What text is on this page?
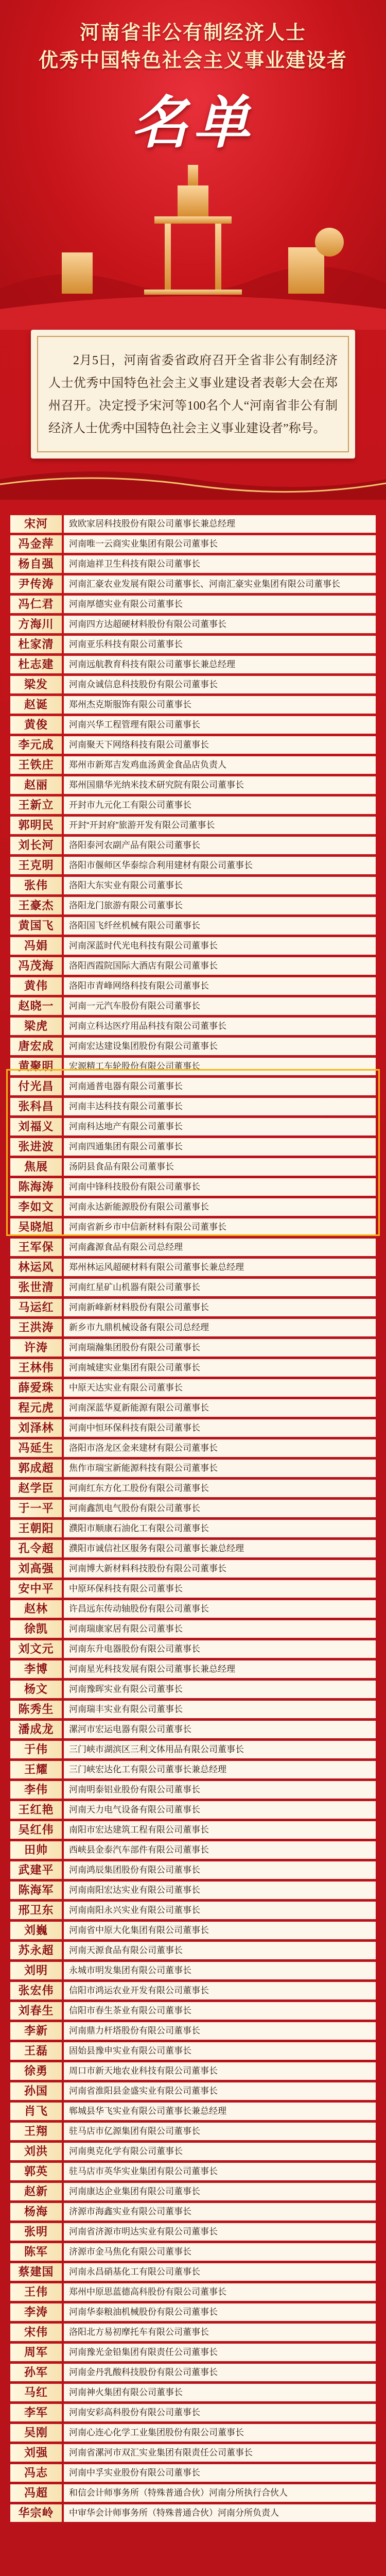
河南省非公有制经济人士
优秀中国特色社会主义事业建设者
名单
2月5日，河南省委省政府召开全省非公有制经济人士优秀中国特色社会主义事业建设者表彰大会在郑州召开。决定授予宋河等100名个人“河南省非公有制经济人士优秀中国特色社会主义事业建设者”称号。
宋河	致欧家居科技股份有限公司董事长兼总经理
冯金萍	河南唯一云商实业集团有限公司董事长
杨自强	河南迪祥卫生科技有限公司董事长
尹传涛	河南汇豪农业发展有限公司董事长、河南汇豪实业集团有限公司董事长
冯仁君	河南厚德实业有限公司董事长
方海川	河南四方达超硬材料股份有限公司董事长
杜家清	河南亚乐科技有限公司董事长
杜志建	河南远航教育科技有限公司董事长兼总经理
梁发	河南众诚信息科技股份有限公司董事长
赵诞	郑州杰克斯服饰有限公司董事长
黄俊	河南兴华工程管理有限公司董事长
李元成	河南聚天下网络科技有限公司董事长
王铁庄	郑州市新郑吉发鸡血汤黄金食品店负责人
赵丽	郑州国鼎华光纳米技术研究院有限公司董事长
王新立	开封市九元化工有限公司董事长
郭明民	开封“开封府”旅游开发有限公司董事长
刘长河	洛阳泰河农副产品有限公司董事长
王克明	洛阳市偃师区华泰综合利用建材有限公司董事长
张伟	洛阳大东实业有限公司董事长
王豪杰	洛阳龙门旅游有限公司董事长
黄国飞	洛阳国飞纤丝机械有限公司董事长
冯娟	河南深蓝时代光电科技有限公司董事长
冯茂海	洛阳西霞院国际大酒店有限公司董事长
黄伟	洛阳市青峰网络科技有限公司董事长
赵晓一	河南一元汽车股份有限公司董事长
梁虎	河南立科达医疗用品科技有限公司董事长
唐宏成	河南宏达建设集团股份有限公司董事长
黄聚明	宏源精工车轮股份有限公司董事长
付光昌	河南通普电器有限公司董事长
张科昌	河南丰达科技有限公司董事长
刘福义	河南科达地产有限公司董事长
张进波	河南四通集团有限公司董事长
焦展	汤阴县食品有限公司董事长
陈海涛	河南中锋科技股份有限公司董事长
李如文	河南永达新能源股份有限公司董事长
吴晓旭	河南省新乡市中信新材料有限公司董事长
王军保	河南鑫源食品有限公司总经理
林运风	郑州林运风超硬材料有限公司董事长兼总经理
张世清	河南红星矿山机器有限公司董事长
马运红	河南新峰新材料股份有限公司董事长
王洪涛	新乡市九鼎机械设备有限公司总经理
许涛	河南瑞瀚集团股份有限公司董事长
王林伟	河南城建实业集团有限公司董事长
薛爱珠	中原天达实业有限公司董事长
程元虎	河南深蓝华夏新能源有限公司董事长
刘泽林	河南中恒环保科技有限公司董事长
冯延生	洛阳市洛龙区金来建材有限公司董事长
郭成超	焦作市瑞宝新能源科技有限公司董事长
赵学臣	河南红东方化工股份有限公司董事长
于一平	河南鑫凯电气股份有限公司董事长
王朝阳	濮阳市顺康石油化工有限公司董事长
孔令超	濮阳市诚信社区服务有限公司董事长兼总经理
刘高强	河南博大新材料科技股份有限公司董事长
安中平	中原环保科技有限公司董事长
赵林	许昌远东传动轴股份有限公司董事长
徐凯	河南瑞康家居有限公司董事长
刘文元	河南东升电器股份有限公司董事长
李博	河南星光科技发展有限公司董事长兼总经理
杨文	河南豫晖实业有限公司董事长
陈秀生	河南瑞丰实业有限公司董事长
潘成龙	漯河市宏运电器有限公司董事长
于伟	三门峡市湖滨区三利文体用品有限公司董事长
王耀	三门峡宏达化工有限公司董事长兼总经理
李伟	河南明泰铝业股份有限公司董事长
王红艳	河南天力电气设备有限公司董事长
吴红伟	南阳市宏达建筑工程有限公司董事长
田帅	西峡县金泰汽车部件有限公司董事长
武建平	河南鸿辰集团股份有限公司董事长
陈海军	河南南阳宏达实业有限公司董事长
邢卫东	河南南阳永兴实业有限公司董事长
刘巍	河南省中原大化集团有限公司董事长
苏永超	河南天源食品有限公司董事长
刘明	永城市明发集团有限公司董事长
张宏伟	信阳市鸿运农业开发有限公司董事长
刘春生	信阳市春生茶业有限公司董事长
李新	河南鼎力杆塔股份有限公司董事长
王磊	固始县豫申实业有限公司董事长
徐勇	周口市新天地农业科技有限公司董事长
孙国	河南省淮阳县金盛实业有限公司董事长
肖飞	郸城县华飞实业有限公司董事长兼总经理
王翔	驻马店市亿源集团有限公司董事长
刘洪	河南奥克化学有限公司董事长
郭英	驻马店市英华实业集团有限公司董事长
赵新	河南康达企业集团有限公司董事长
杨海	济源市海鑫实业有限公司董事长
张明	河南省济源市明达实业有限公司董事长
陈军	济源市金马焦化有限公司董事长
蔡建国	河南永昌硝基化工有限公司董事长
王伟	郑州中原思蓝德高科股份有限公司董事长
李涛	河南华泰粮油机械股份有限公司董事长
宋伟	洛阳北方易初摩托车有限公司董事长
周军	河南豫光金铅集团有限责任公司董事长
孙军	河南金丹乳酸科技股份有限公司董事长
马红	河南神火集团有限公司董事长
李军	河南安彩高科股份有限公司董事长
吴刚	河南心连心化学工业集团股份有限公司董事长
刘强	河南省漯河市双汇实业集团有限责任公司董事长
冯志	河南中孚实业股份有限公司董事长
冯超	和信会计师事务所（特殊普通合伙）河南分所执行合伙人
华宗岭	中审华会计师事务所（特殊普通合伙）河南分所负责人
